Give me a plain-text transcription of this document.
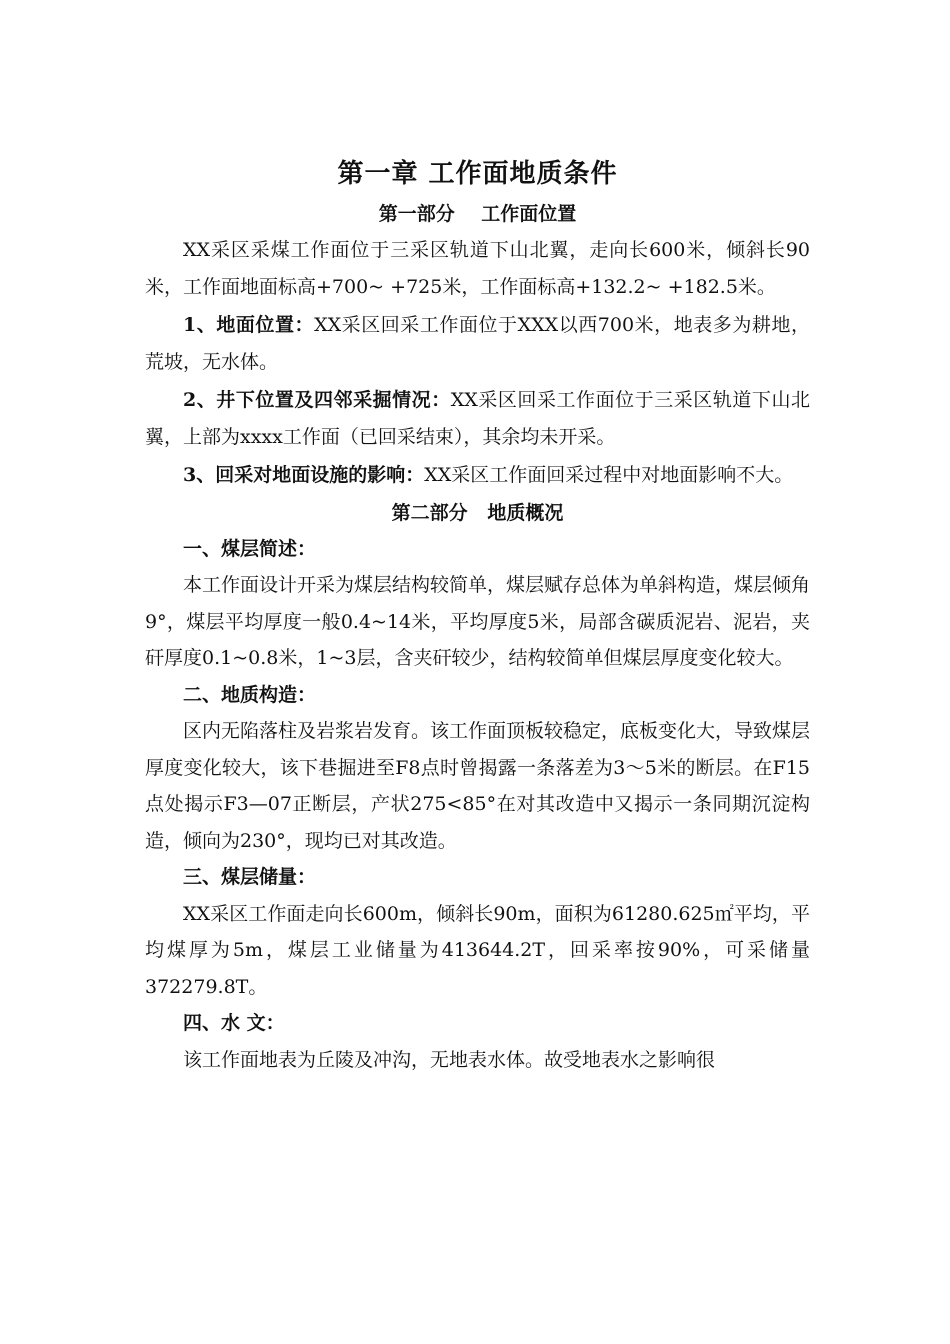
第一章 工作面地质条件
第一部分    工作面位置

XX采区采煤工作面位于三采区轨道下山北翼，走向长600米，倾斜长90米，工作面地面标高+700~ +725米，工作面标高+132.2~ +182.5米。

1、地面位置：XX采区回采工作面位于XXX以西700米，地表多为耕地，荒坡，无水体。

2、井下位置及四邻采掘情况：XX采区回采工作面位于三采区轨道下山北翼，上部为xxxx工作面（已回采结束），其余均未开采。

3、回采对地面设施的影响：XX采区工作面回采过程中对地面影响不大。

第二部分   地质概况

一、煤层简述：

本工作面设计开采为煤层结构较简单，煤层赋存总体为单斜构造，煤层倾角9°，煤层平均厚度一般0.4~14米，平均厚度5米，局部含碳质泥岩、泥岩，夹矸厚度0.1~0.8米，1~3层，含夹矸较少，结构较简单但煤层厚度变化较大。

二、地质构造：

区内无陷落柱及岩浆岩发育。该工作面顶板较稳定，底板变化大，导致煤层厚度变化较大，该下巷掘进至F8点时曾揭露一条落差为3～5米的断层。在F15点处揭示F3—07正断层，产状275<85°在对其改造中又揭示一条同期沉淀构造，倾向为230°，现均已对其改造。

三、煤层储量：

XX采区工作面走向长600m，倾斜长90m，面积为61280.625㎡平均，平均煤厚为5m，煤层工业储量为413644.2T，回采率按90%，可采储量372279.8T。

四、水 文：

该工作面地表为丘陵及冲沟，无地表水体。故受地表水之影响很
